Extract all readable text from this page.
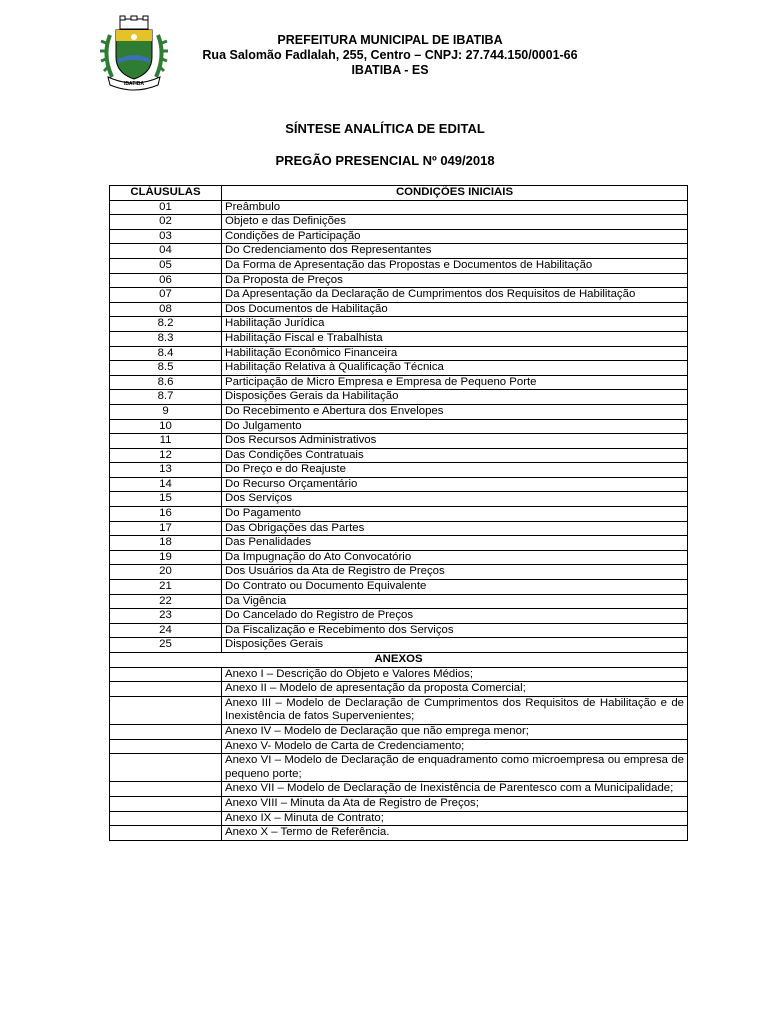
IBATIBA
PREFEITURA MUNICIPAL DE IBATIBA
Rua Salomão Fadlalah, 255, Centro – CNPJ: 27.744.150/0001-66
IBATIBA - ES
SÍNTESE ANALÍTICA DE EDITAL
PREGÃO PRESENCIAL Nº 049/2018
CLÁUSULAS	CONDIÇÕES INICIAIS
01	Preâmbulo
02	Objeto e das Definições
03	Condições de Participação
04	Do Credenciamento dos Representantes
05	Da Forma de Apresentação das Propostas e Documentos de Habilitação
06	Da Proposta de Preços
07	Da Apresentação da Declaração de Cumprimentos dos Requisitos de Habilitação
08	Dos Documentos de Habilitação
8.2	Habilitação Jurídica
8.3	Habilitação Fiscal e Trabalhista
8.4	Habilitação Econômico Financeira
8.5	Habilitação Relativa à Qualificação Técnica
8.6	Participação de Micro Empresa e Empresa de Pequeno Porte
8.7	Disposições Gerais da Habilitação
9	Do Recebimento e Abertura dos Envelopes
10	Do Julgamento
11	Dos Recursos Administrativos
12	Das Condições Contratuais
13	Do Preço e do Reajuste
14	Do Recurso Orçamentário
15	Dos Serviços
16	Do Pagamento
17	Das Obrigações das Partes
18	Das Penalidades
19	Da Impugnação do Ato Convocatório
20	Dos Usuários da Ata de Registro de Preços
21	Do Contrato ou Documento Equivalente
22	Da Vigência
23	Do Cancelado do Registro de Preços
24	Da Fiscalização e Recebimento dos Serviços
25	Disposições Gerais
ANEXOS	
	Anexo I – Descrição do Objeto e Valores Médios;
	Anexo II – Modelo de apresentação da proposta Comercial;
	Anexo III – Modelo de Declaração de Cumprimentos dos Requisitos de Habilitação e de Inexistência de fatos Supervenientes;
	Anexo IV – Modelo de Declaração que não emprega menor;
	Anexo V- Modelo de Carta de Credenciamento;
	Anexo VI – Modelo de Declaração de enquadramento como microempresa ou empresa de pequeno porte;
	Anexo VII – Modelo de Declaração de Inexistência de Parentesco com a Municipalidade;
	Anexo VIII – Minuta da Ata de Registro de Preços;
	Anexo IX – Minuta de Contrato;
	Anexo X – Termo de Referência.
